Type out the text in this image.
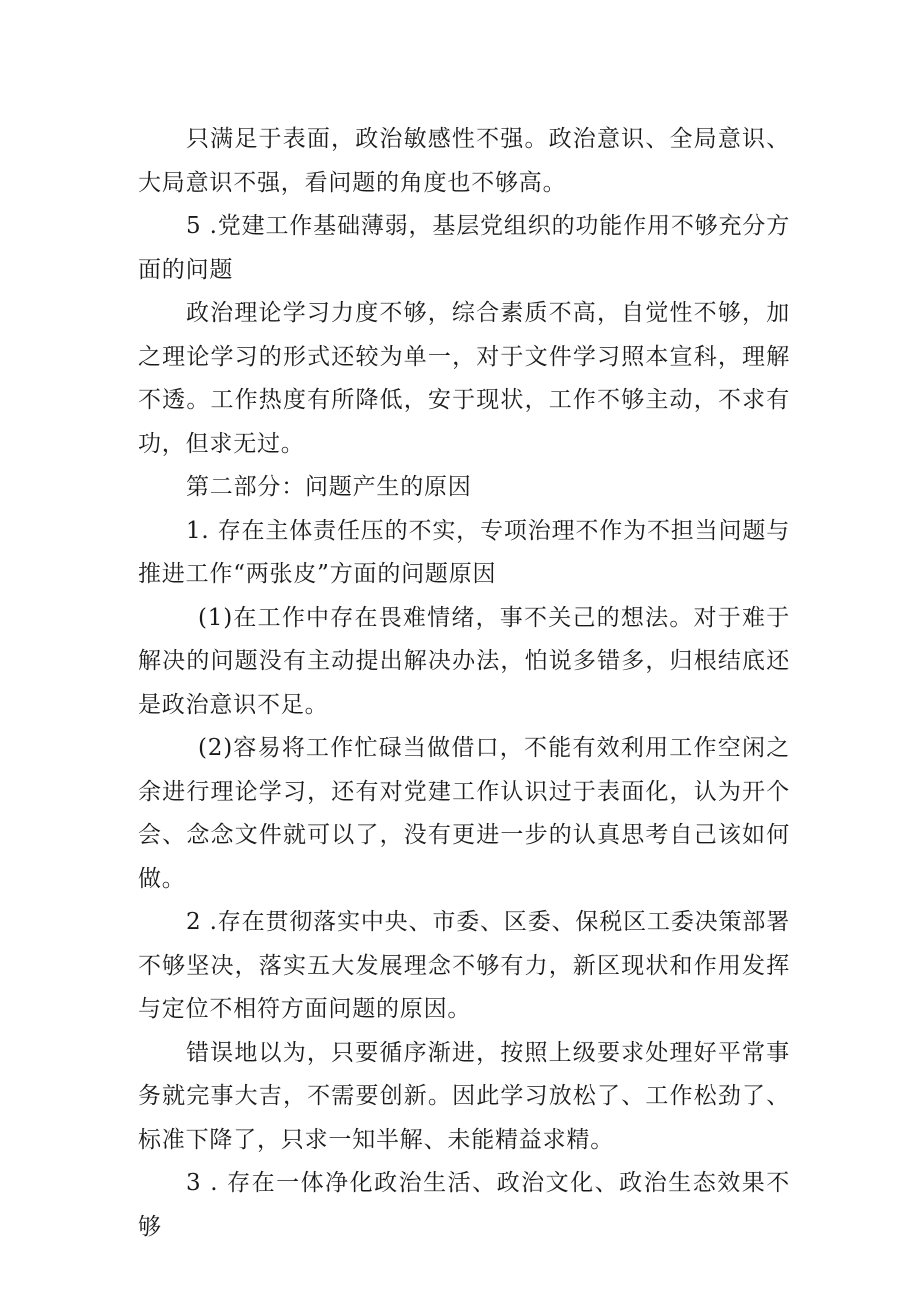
只满足于表面，政治敏感性不强。政治意识、全局意识、大局意识不强，看问题的角度也不够高。

5 .党建工作基础薄弱，基层党组织的功能作用不够充分方面的问题

政治理论学习力度不够，综合素质不高，自觉性不够，加之理论学习的形式还较为单一，对于文件学习照本宣科，理解不透。工作热度有所降低，安于现状，工作不够主动，不求有功，但求无过。

第二部分：问题产生的原因

1. 存在主体责任压的不实，专项治理不作为不担当问题与推进工作“两张皮”方面的问题原因

(1)在工作中存在畏难情绪，事不关己的想法。对于难于解决的问题没有主动提出解决办法，怕说多错多，归根结底还是政治意识不足。

(2)容易将工作忙碌当做借口，不能有效利用工作空闲之余进行理论学习，还有对党建工作认识过于表面化，认为开个会、念念文件就可以了，没有更进一步的认真思考自己该如何做。

2 .存在贯彻落实中央、市委、区委、保税区工委决策部署不够坚决，落实五大发展理念不够有力，新区现状和作用发挥与定位不相符方面问题的原因。

错误地以为，只要循序渐进，按照上级要求处理好平常事务就完事大吉，不需要创新。因此学习放松了、工作松劲了、标准下降了，只求一知半解、未能精益求精。

3 . 存在一体净化政治生活、政治文化、政治生态效果不够
